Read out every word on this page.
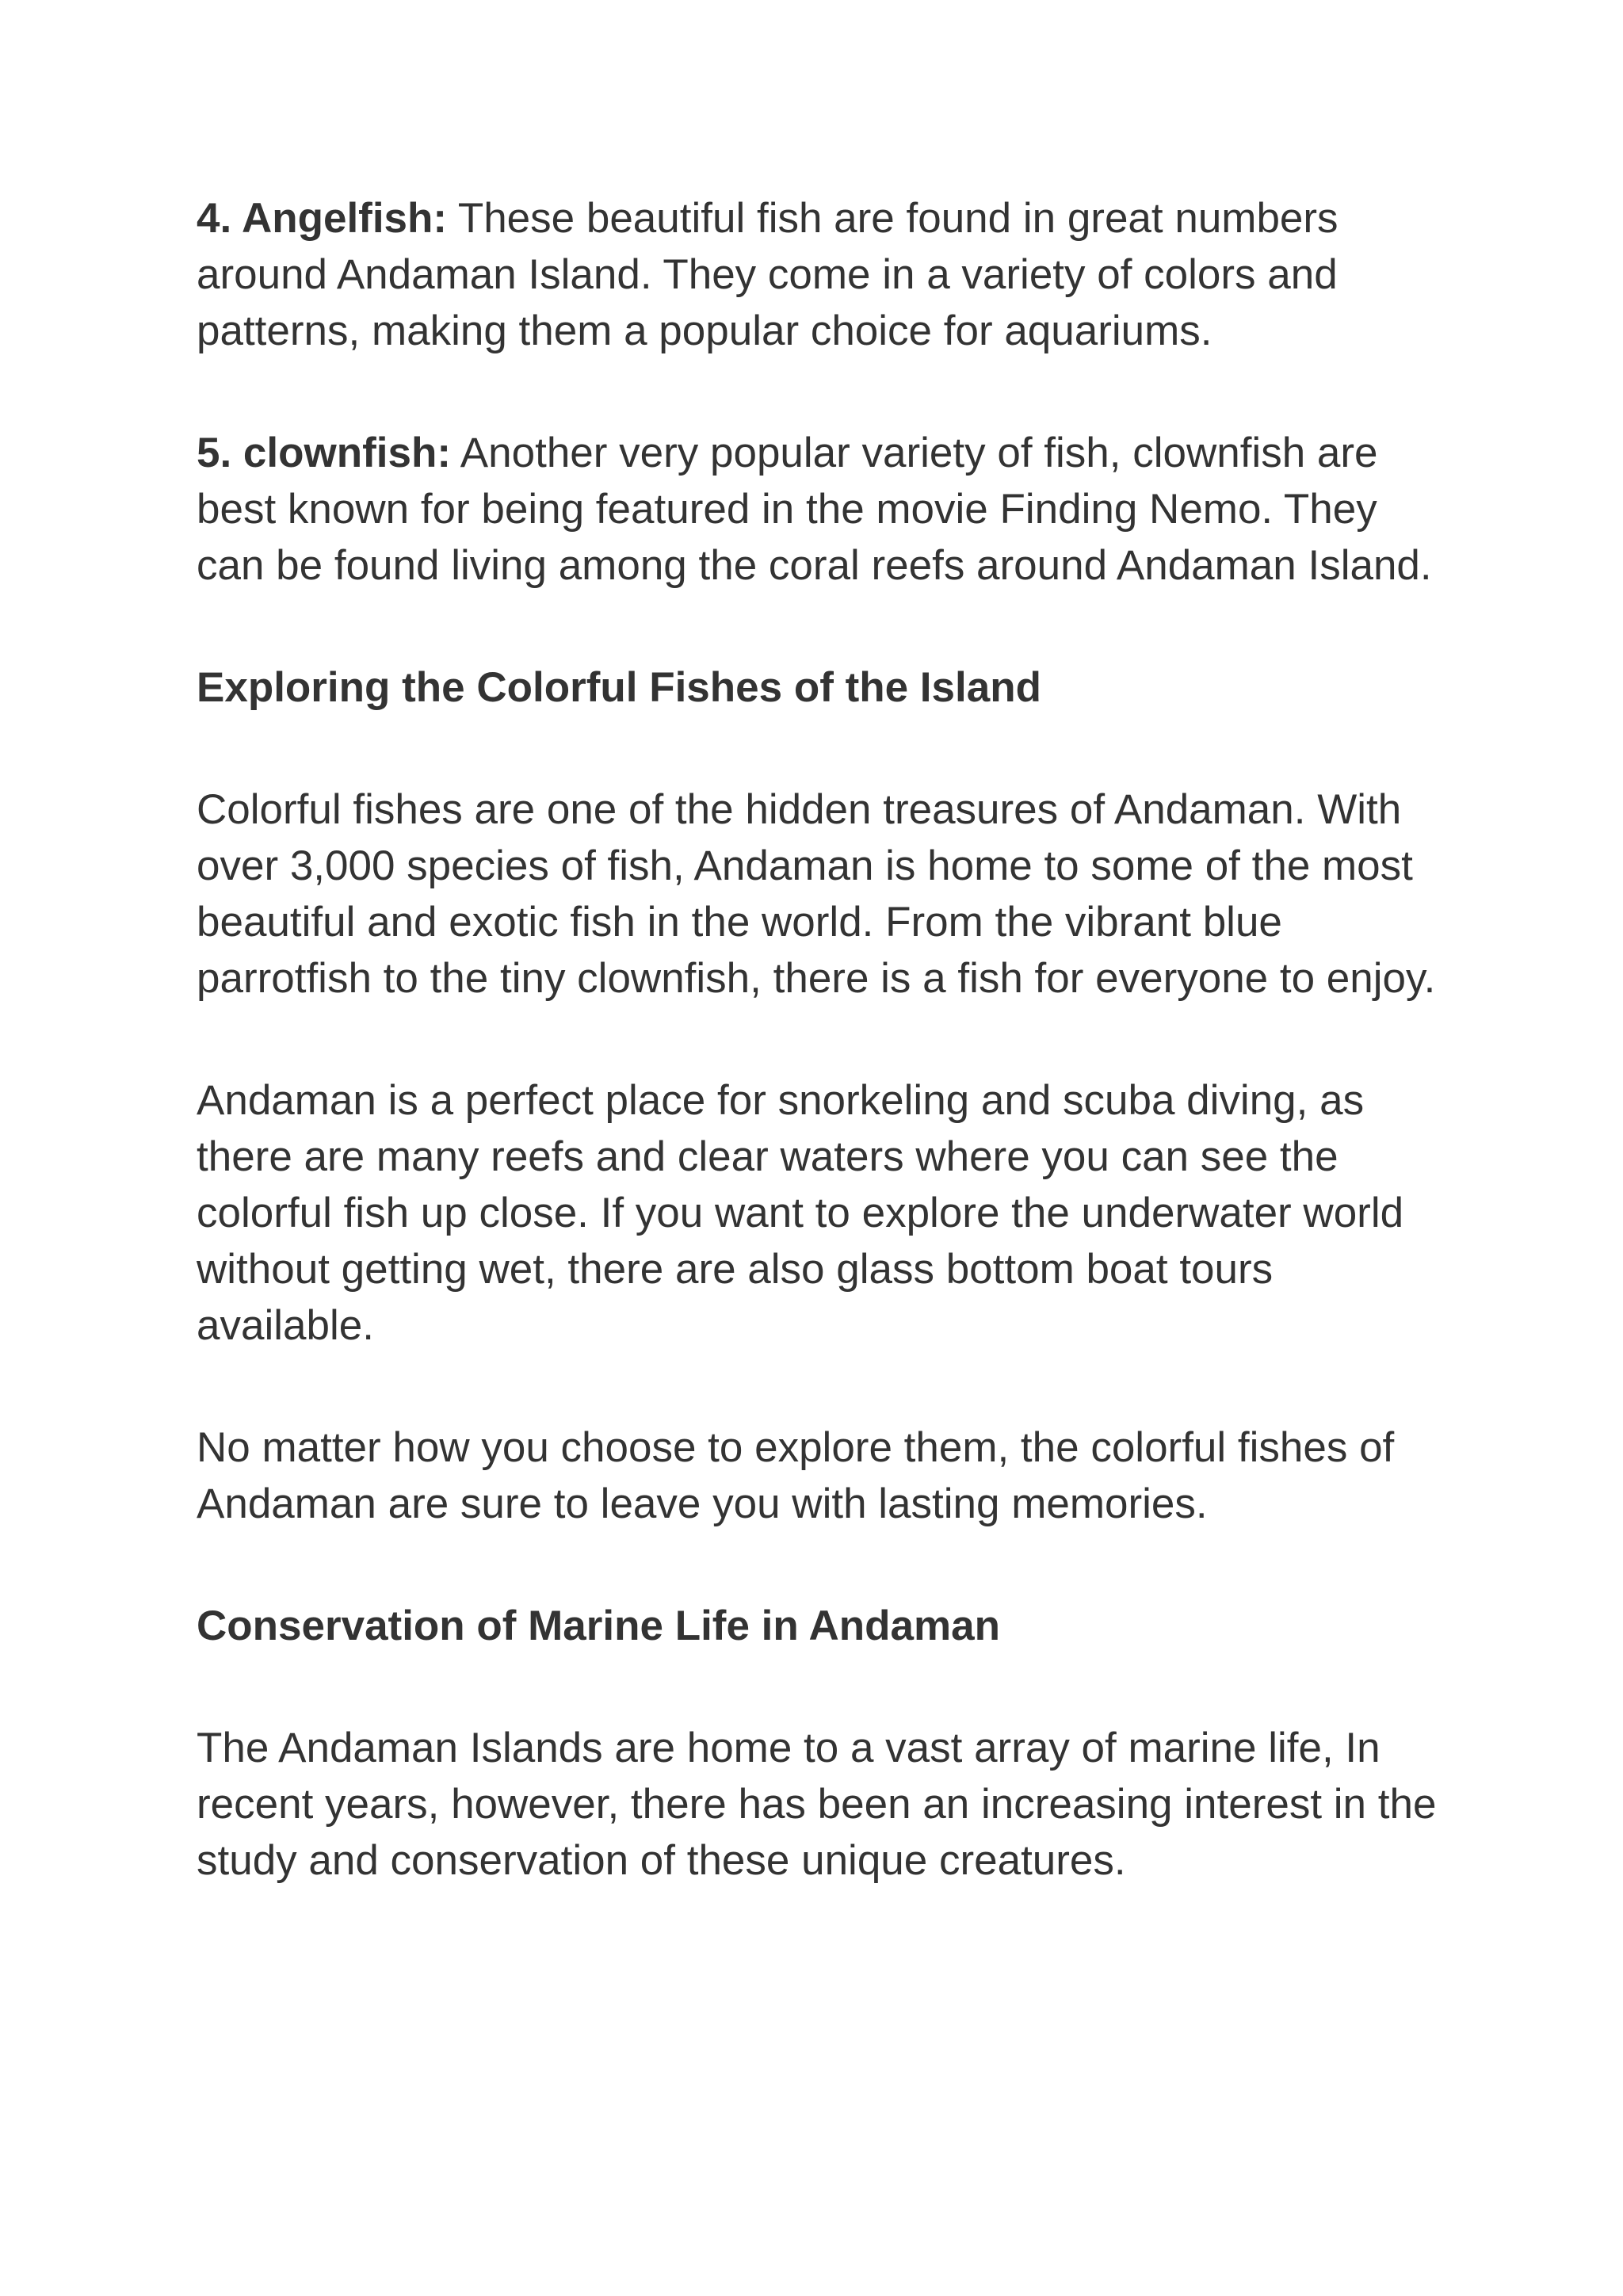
4. Angelfish: These beautiful fish are found in great numbers around Andaman Island. They come in a variety of colors and patterns, making them a popular choice for aquariums.

5. clownfish: Another very popular variety of fish, clownfish are best known for being featured in the movie Finding Nemo. They can be found living among the coral reefs around Andaman Island.

Exploring the Colorful Fishes of the Island

Colorful fishes are one of the hidden treasures of Andaman. With over 3,000 species of fish, Andaman is home to some of the most beautiful and exotic fish in the world. From the vibrant blue parrotfish to the tiny clownfish, there is a fish for everyone to enjoy.

Andaman is a perfect place for snorkeling and scuba diving, as there are many reefs and clear waters where you can see the colorful fish up close. If you want to explore the underwater world without getting wet, there are also glass bottom boat tours available.

No matter how you choose to explore them, the colorful fishes of Andaman are sure to leave you with lasting memories.

Conservation of Marine Life in Andaman

The Andaman Islands are home to a vast array of marine life, In recent years, however, there has been an increasing interest in the study and conservation of these unique creatures.
